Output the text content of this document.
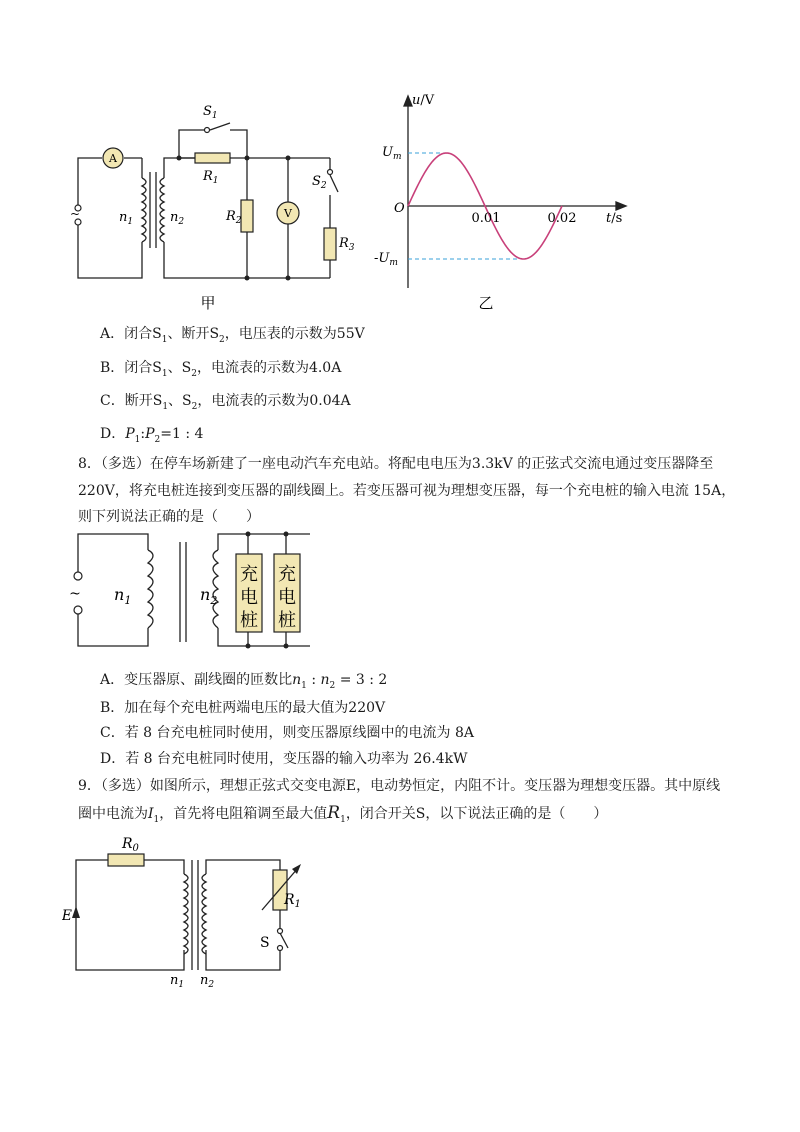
A
V
~
$S_1$
$R_1$
$R_2$
$S_2$
$R_3$
$n_1$	$n_2$
甲
u/V
t/s
O
$U_m$
$-U_m$
0.01	0.02
乙
A．闭合$S_1$、断开$S_2$，电压表的示数为55V
B．闭合$S_1$、$S_2$，电流表的示数为4.0A
C．断开$S_1$、$S_2$，电流表的示数为0.04A
D．$P_1:P_2=1$ : 4
8．（多选）在停车场新建了一座电动汽车充电站。将配电电压为3.3kV 的正弦式交流电通过变压器降至
220V，将充电桩连接到变压器的副线圈上。若变压器可视为理想变压器，每一个充电桩的输入电流 15A，
则下列说法正确的是（　　）
充
电
桩
充
电
桩
~ $n_1$	$n_2$
A．变压器原、副线圈的匝数比$n_1$ : $n_2 = 3$ : 2
B．加在每个充电桩两端电压的最大值为220V
C．若 8 台充电桩同时使用，则变压器原线圈中的电流为 8A
D．若 8 台充电桩同时使用，变压器的输入功率为 26.4kW
9．（多选）如图所示，理想正弦式交变电源E，电动势恒定，内阻不计。变压器为理想变压器。其中原线
圈中电流为$I_1$，首先将电阻箱调至最大值$R_1$，闭合开关S，以下说法正确的是（　　）
$R_0$
$R_1$
E
S
$n_1$ $n_2$
